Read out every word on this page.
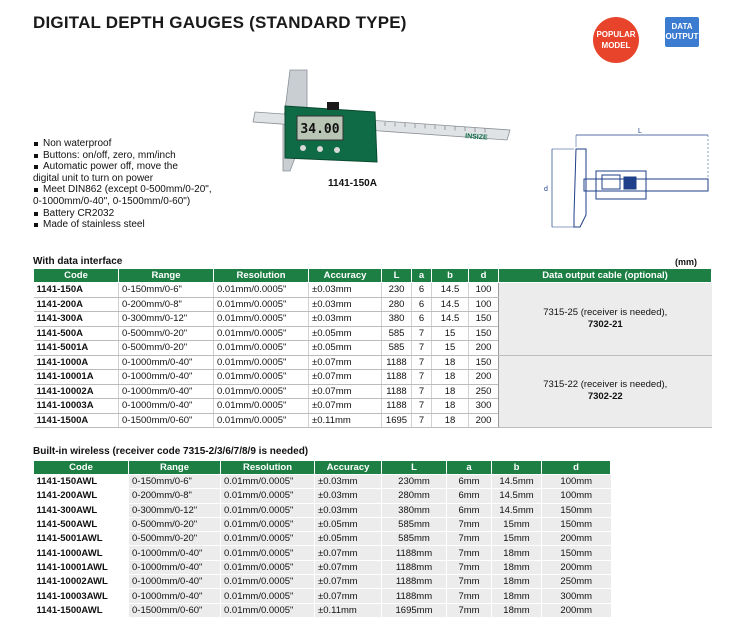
DIGITAL DEPTH GAUGES (STANDARD TYPE)
POPULAR
MODEL
DATA
OUTPUT
34.00
INSIZE
1141-150A
Non waterproof
Buttons: on/off, zero, mm/inch
Automatic power off, move the
digital unit to turn on power
Meet DIN862 (except 0-500mm/0-20",
0-1000mm/0-40", 0-1500mm/0-60")
Battery CR2032
Made of stainless steel
L
d
With data interface	(mm)
Code	Range	Resolution	Accuracy	L	a	b	d	Data output cable (optional)
1141-150A	0-150mm/0-6"	0.01mm/0.0005"	±0.03mm	230	6	14.5	100	7315-25 (receiver is needed),
7302-21

1141-200A	0-200mm/0-8"	0.01mm/0.0005"	±0.03mm	280	6	14.5	100	
1141-300A	0-300mm/0-12"	0.01mm/0.0005"	±0.03mm	380	6	14.5	150	
1141-500A	0-500mm/0-20"	0.01mm/0.0005"	±0.05mm	585	7	15	150	
1141-5001A	0-500mm/0-20"	0.01mm/0.0005"	±0.05mm	585	7	15	200	
1141-1000A	0-1000mm/0-40"	0.01mm/0.0005"	±0.07mm	1188	7	18	150	7315-22 (receiver is needed),
7302-22

1141-10001A	0-1000mm/0-40"	0.01mm/0.0005"	±0.07mm	1188	7	18	200	
1141-10002A	0-1000mm/0-40"	0.01mm/0.0005"	±0.07mm	1188	7	18	250	
1141-10003A	0-1000mm/0-40"	0.01mm/0.0005"	±0.07mm	1188	7	18	300	
1141-1500A	0-1500mm/0-60"	0.01mm/0.0005"	±0.11mm	1695	7	18	200	
Built-in wireless (receiver code 7315-2/3/6/7/8/9 is needed)
Code	Range	Resolution	Accuracy	L	a	b	d
1141-150AWL	0-150mm/0-6"	0.01mm/0.0005"	±0.03mm	230mm	6mm	14.5mm	100mm
1141-200AWL	0-200mm/0-8"	0.01mm/0.0005"	±0.03mm	280mm	6mm	14.5mm	100mm
1141-300AWL	0-300mm/0-12"	0.01mm/0.0005"	±0.03mm	380mm	6mm	14.5mm	150mm
1141-500AWL	0-500mm/0-20"	0.01mm/0.0005"	±0.05mm	585mm	7mm	15mm	150mm
1141-5001AWL	0-500mm/0-20"	0.01mm/0.0005"	±0.05mm	585mm	7mm	15mm	200mm
1141-1000AWL	0-1000mm/0-40"	0.01mm/0.0005"	±0.07mm	1188mm	7mm	18mm	150mm
1141-10001AWL	0-1000mm/0-40"	0.01mm/0.0005"	±0.07mm	1188mm	7mm	18mm	200mm
1141-10002AWL	0-1000mm/0-40"	0.01mm/0.0005"	±0.07mm	1188mm	7mm	18mm	250mm
1141-10003AWL	0-1000mm/0-40"	0.01mm/0.0005"	±0.07mm	1188mm	7mm	18mm	300mm
1141-1500AWL	0-1500mm/0-60"	0.01mm/0.0005"	±0.11mm	1695mm	7mm	18mm	200mm
